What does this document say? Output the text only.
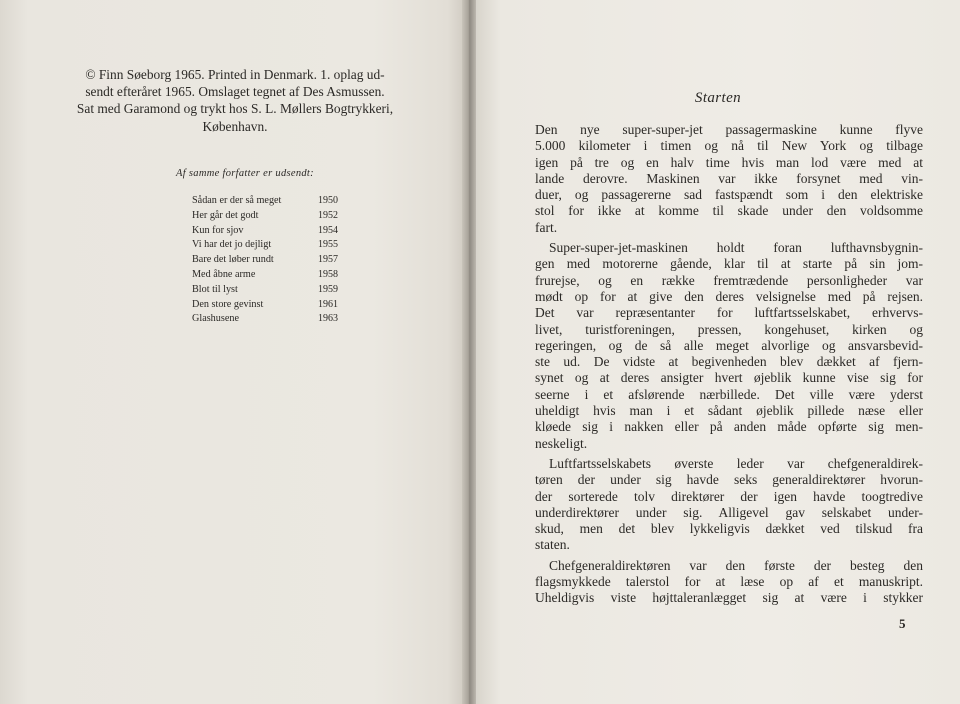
© Finn Søeborg 1965. Printed in Denmark. 1. oplag ud-
sendt efteråret 1965. Omslaget tegnet af Des Asmussen.
Sat med Garamond og trykt hos S. L. Møllers Bogtrykkeri,
København.
Af samme forfatter er udsendt:
Sådan er der så meget	1950
Her går det godt	1952
Kun for sjov	1954
Vi har det jo dejligt	1955
Bare det løber rundt	1957
Med åbne arme	1958
Blot til lyst	1959
Den store gevinst	1961
Glashusene	1963
Starten
Den nye super-super-jet passagermaskine kunne flyve
5.000 kilometer i timen og nå til New York og tilbage
igen på tre og en halv time hvis man lod være med at
lande derovre. Maskinen var ikke forsynet med vin-
duer, og passagererne sad fastspændt som i den elektriske
stol for ikke at komme til skade under den voldsomme
fart.
Super-super-jet-maskinen holdt foran lufthavnsbygnin-
gen med motorerne gående, klar til at starte på sin jom-
frurejse, og en række fremtrædende personligheder var
mødt op for at give den deres velsignelse med på rejsen.
Det var repræsentanter for luftfartsselskabet, erhvervs-
livet, turistforeningen, pressen, kongehuset, kirken og
regeringen, og de så alle meget alvorlige og ansvarsbevid-
ste ud. De vidste at begivenheden blev dækket af fjern-
synet og at deres ansigter hvert øjeblik kunne vise sig for
seerne i et afslørende nærbillede. Det ville være yderst
uheldigt hvis man i et sådant øjeblik pillede næse eller
kløede sig i nakken eller på anden måde opførte sig men-
neskeligt.
Luftfartsselskabets øverste leder var chefgeneraldirek-
tøren der under sig havde seks generaldirektører hvorun-
der sorterede tolv direktører der igen havde toogtredive
underdirektører under sig. Alligevel gav selskabet under-
skud, men det blev lykkeligvis dækket ved tilskud fra
staten.
Chefgeneraldirektøren var den første der besteg den
flagsmykkede talerstol for at læse op af et manuskript.
Uheldigvis viste højttaleranlægget sig at være i stykker
5
